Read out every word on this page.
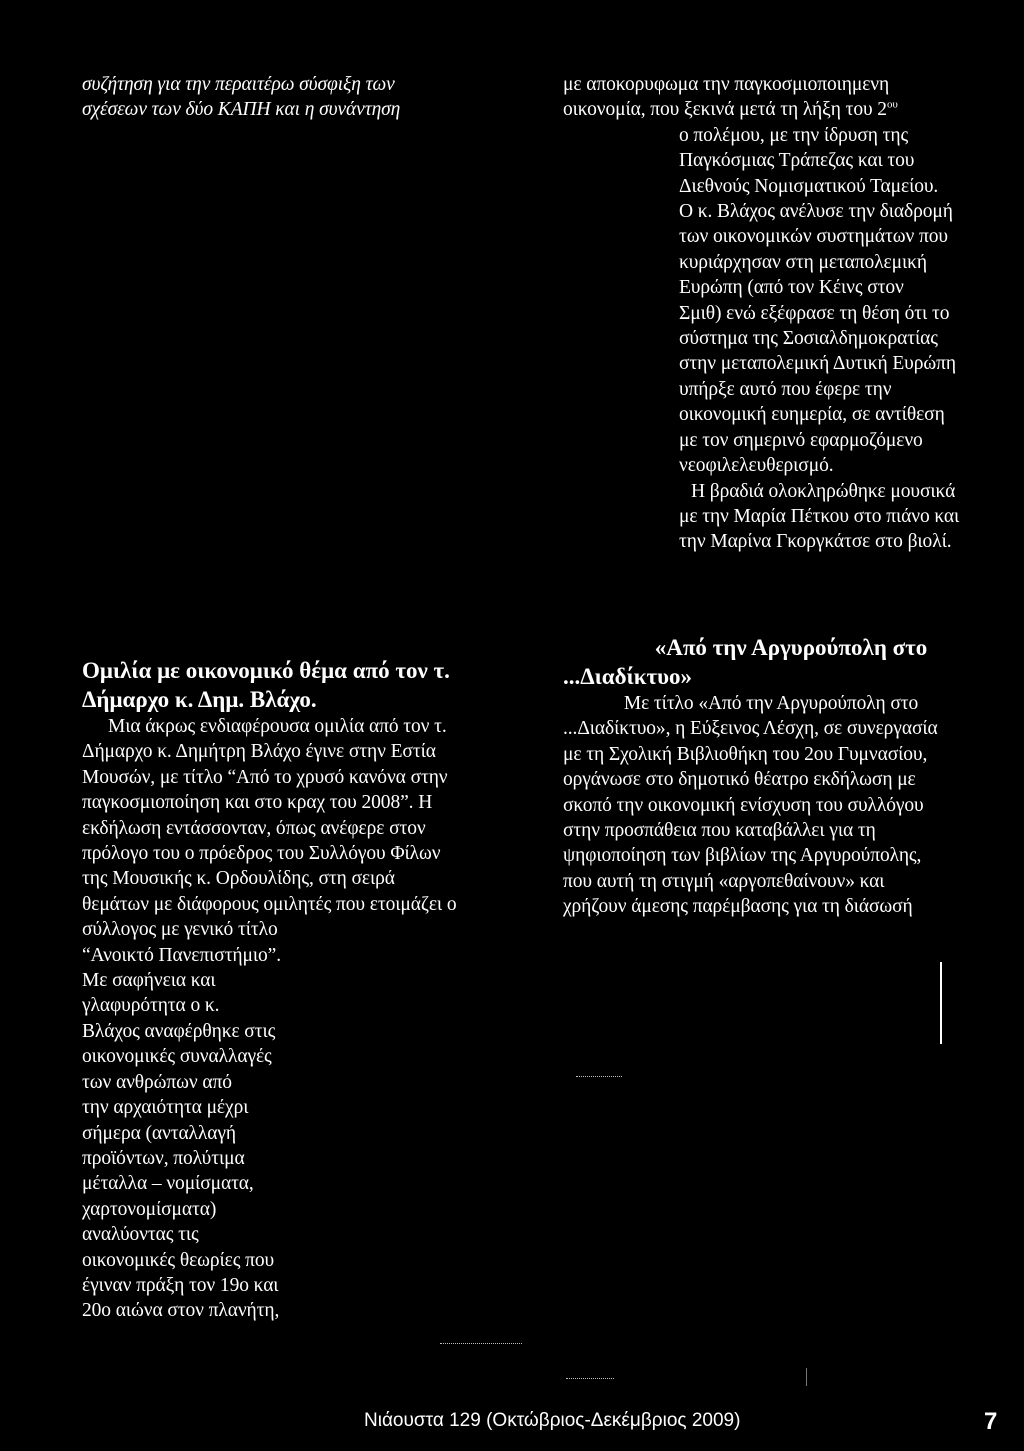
συζήτηση για την περαιτέρω σύσφιξη των
σχέσεων των δύο ΚΑΠΗ και η συνάντηση
με αποκορυφωμα την παγκοσμιοποιημενη
οικονομία, που ξεκινά μετά τη λήξη του $2^{o\upsilon}$
ο πολέμου, με την ίδρυση της
Παγκόσμιας Τράπεζας και του
Διεθνούς Νομισματικού Ταμείου.
Ο κ. Βλάχος ανέλυσε την διαδρομή
των οικονομικών συστημάτων που
κυριάρχησαν στη μεταπολεμική
Ευρώπη (από τον Κέινς στον
Σμιθ) ενώ εξέφρασε τη θέση ότι το
σύστημα της Σοσιαλδημοκρατίας
στην μεταπολεμική Δυτική Ευρώπη
υπήρξε αυτό που έφερε την
οικονομική ευημερία, σε αντίθεση
με τον σημερινό εφαρμοζόμενο
νεοφιλελευθερισμό.
Η βραδιά ολοκληρώθηκε μουσικά
με την Μαρία Πέτκου στο πιάνο και
την Μαρίνα Γκοργκάτσε στο βιολί.
Ομιλία με οικονομικό θέμα από τον τ.
Δήμαρχο κ. Δημ. Βλάχο.
Μια άκρως ενδιαφέρουσα ομιλία από τον τ.
Δήμαρχο κ. Δημήτρη Βλάχο έγινε στην Εστία
Μουσών, με τίτλο “Από το χρυσό κανόνα στην
παγκοσμιοποίηση και στο κραχ του 2008”. Η
εκδήλωση εντάσσονταν, όπως ανέφερε στον
πρόλογο του ο πρόεδρος του Συλλόγου Φίλων
της Μουσικής κ. Ορδουλίδης, στη σειρά
θεμάτων με διάφορους ομιλητές που ετοιμάζει ο
σύλλογος με γενικό τίτλο
“Ανοικτό Πανεπιστήμιο”.
Με σαφήνεια και
γλαφυρότητα ο κ.
Βλάχος αναφέρθηκε στις
οικονομικές συναλλαγές
των ανθρώπων από
την αρχαιότητα μέχρι
σήμερα (ανταλλαγή
προϊόντων, πολύτιμα
μέταλλα – νομίσματα,
χαρτονομίσματα)
αναλύοντας τις
οικονομικές θεωρίες που
έγιναν πράξη τον 19ο και
20ο αιώνα στον πλανήτη,
«Από την Αργυρούπολη στο
...Διαδίκτυο»
Με τίτλο «Από την Αργυρούπολη στο
...Διαδίκτυο», η Εύξεινος Λέσχη, σε συνεργασία
με τη Σχολική Βιβλιοθήκη του 2ου Γυμνασίου,
οργάνωσε στο δημοτικό θέατρο εκδήλωση με
σκοπό την οικονομική ενίσχυση του συλλόγου
στην προσπάθεια που καταβάλλει για τη
ψηφιοποίηση των βιβλίων της Αργυρούπολης,
που αυτή τη στιγμή «αργοπεθαίνουν» και
χρήζουν άμεσης παρέμβασης για τη διάσωσή
Νιάουστα 129 (Οκτώβριος-Δεκέμβριος 2009)	7
